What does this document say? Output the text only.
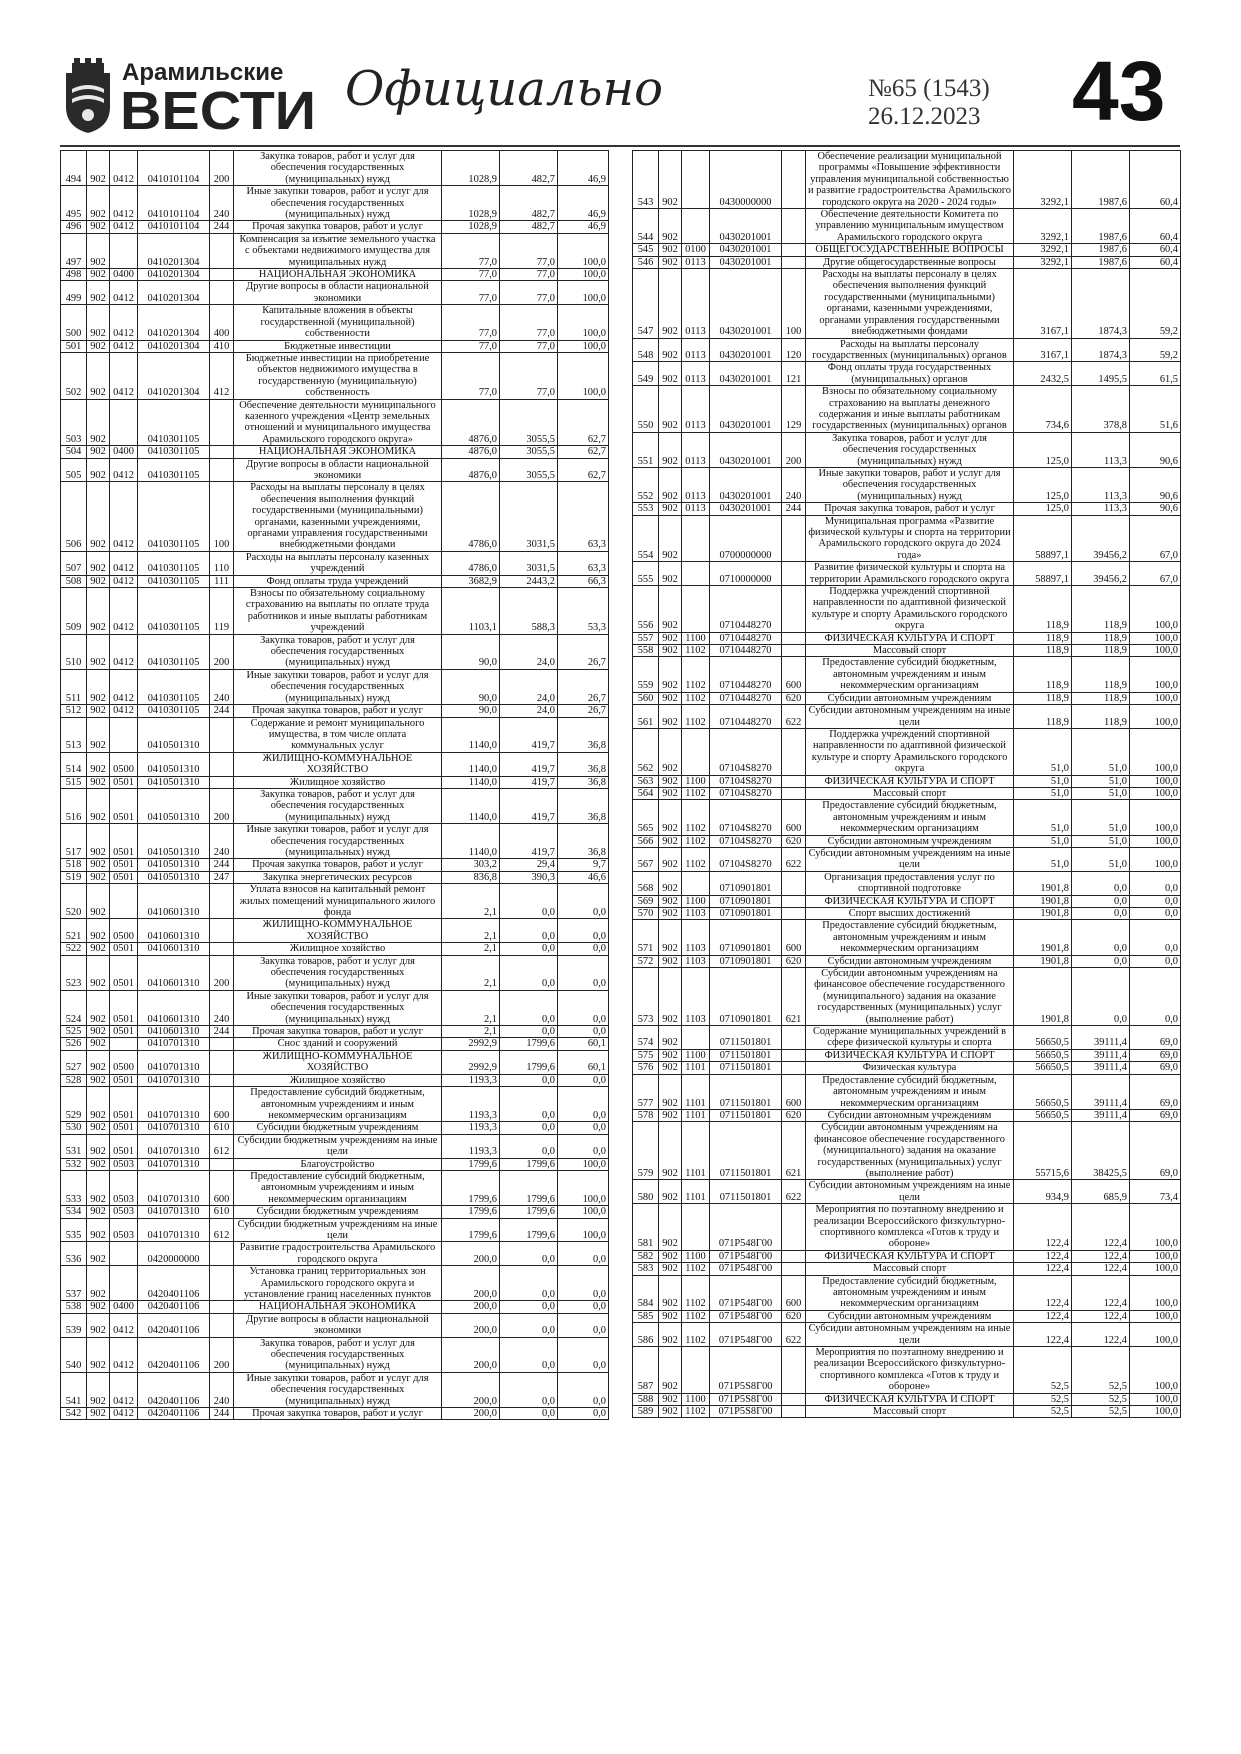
Арамильские
ВЕСТИ Официально	№65 (1543)
26.12.2023 43
494	902	0412	0410101104	200	Закупка товаров, работ и услуг для обеспечения государственных (муниципальных) нужд	1028,9	482,7	46,9
495	902	0412	0410101104	240	Иные закупки товаров, работ и услуг для обеспечения государственных (муниципальных) нужд	1028,9	482,7	46,9
496	902	0412	0410101104	244	Прочая закупка товаров, работ и услуг	1028,9	482,7	46,9
497	902		0410201304		Компенсация за изъятие земельного участка с объектами недвижимого имущества для муниципальных нужд	77,0	77,0	100,0
498	902	0400	0410201304		НАЦИОНАЛЬНАЯ ЭКОНОМИКА	77,0	77,0	100,0
499	902	0412	0410201304		Другие вопросы в области национальной экономики	77,0	77,0	100,0
500	902	0412	0410201304	400	Капитальные вложения в объекты государственной (муниципальной) собственности	77,0	77,0	100,0
501	902	0412	0410201304	410	Бюджетные инвестиции	77,0	77,0	100,0
502	902	0412	0410201304	412	Бюджетные инвестиции на приобретение объектов недвижимого имущества в государственную (муниципальную) собственность	77,0	77,0	100,0
503	902		0410301105		Обеспечение деятельности муниципального казенного учреждения «Центр земельных отношений и муниципального имущества Арамильского городского округа»	4876,0	3055,5	62,7
504	902	0400	0410301105		НАЦИОНАЛЬНАЯ ЭКОНОМИКА	4876,0	3055,5	62,7
505	902	0412	0410301105		Другие вопросы в области национальной экономики	4876,0	3055,5	62,7
506	902	0412	0410301105	100	Расходы на выплаты персоналу в целях обеспечения выполнения функций государственными (муниципальными) органами, казенными учреждениями, органами управления государственными внебюджетными фондами	4786,0	3031,5	63,3
507	902	0412	0410301105	110	Расходы на выплаты персоналу казенных учреждений	4786,0	3031,5	63,3
508	902	0412	0410301105	111	Фонд оплаты труда учреждений	3682,9	2443,2	66,3
509	902	0412	0410301105	119	Взносы по обязательному социальному страхованию на выплаты по оплате труда работников и иные выплаты работникам учреждений	1103,1	588,3	53,3
510	902	0412	0410301105	200	Закупка товаров, работ и услуг для обеспечения государственных (муниципальных) нужд	90,0	24,0	26,7
511	902	0412	0410301105	240	Иные закупки товаров, работ и услуг для обеспечения государственных (муниципальных) нужд	90,0	24,0	26,7
512	902	0412	0410301105	244	Прочая закупка товаров, работ и услуг	90,0	24,0	26,7
513	902		0410501310		Содержание и ремонт муниципального имущества, в том числе оплата коммунальных услуг	1140,0	419,7	36,8
514	902	0500	0410501310		ЖИЛИЩНО-КОММУНАЛЬНОЕ ХОЗЯЙСТВО	1140,0	419,7	36,8
515	902	0501	0410501310		Жилищное хозяйство	1140,0	419,7	36,8
516	902	0501	0410501310	200	Закупка товаров, работ и услуг для обеспечения государственных (муниципальных) нужд	1140,0	419,7	36,8
517	902	0501	0410501310	240	Иные закупки товаров, работ и услуг для обеспечения государственных (муниципальных) нужд	1140,0	419,7	36,8
518	902	0501	0410501310	244	Прочая закупка товаров, работ и услуг	303,2	29,4	9,7
519	902	0501	0410501310	247	Закупка энергетических ресурсов	836,8	390,3	46,6
520	902		0410601310		Уплата взносов на капитальный ремонт жилых помещений муниципального жилого фонда	2,1	0,0	0,0
521	902	0500	0410601310		ЖИЛИЩНО-КОММУНАЛЬНОЕ ХОЗЯЙСТВО	2,1	0,0	0,0
522	902	0501	0410601310		Жилищное хозяйство	2,1	0,0	0,0
523	902	0501	0410601310	200	Закупка товаров, работ и услуг для обеспечения государственных (муниципальных) нужд	2,1	0,0	0,0
524	902	0501	0410601310	240	Иные закупки товаров, работ и услуг для обеспечения государственных (муниципальных) нужд	2,1	0,0	0,0
525	902	0501	0410601310	244	Прочая закупка товаров, работ и услуг	2,1	0,0	0,0
526	902		0410701310		Снос зданий и сооружений	2992,9	1799,6	60,1
527	902	0500	0410701310		ЖИЛИЩНО-КОММУНАЛЬНОЕ ХОЗЯЙСТВО	2992,9	1799,6	60,1
528	902	0501	0410701310		Жилищное хозяйство	1193,3	0,0	0,0
529	902	0501	0410701310	600	Предоставление субсидий бюджетным, автономным учреждениям и иным некоммерческим организациям	1193,3	0,0	0,0
530	902	0501	0410701310	610	Субсидии бюджетным учреждениям	1193,3	0,0	0,0
531	902	0501	0410701310	612	Субсидии бюджетным учреждениям на иные цели	1193,3	0,0	0,0
532	902	0503	0410701310		Благоустройство	1799,6	1799,6	100,0
533	902	0503	0410701310	600	Предоставление субсидий бюджетным, автономным учреждениям и иным некоммерческим организациям	1799,6	1799,6	100,0
534	902	0503	0410701310	610	Субсидии бюджетным учреждениям	1799,6	1799,6	100,0
535	902	0503	0410701310	612	Субсидии бюджетным учреждениям на иные цели	1799,6	1799,6	100,0
536	902		0420000000		Развитие градостроительства Арамильского городского округа	200,0	0,0	0,0
537	902		0420401106		Установка границ территориальных зон Арамильского городского округа и установление границ населенных пунктов	200,0	0,0	0,0
538	902	0400	0420401106		НАЦИОНАЛЬНАЯ ЭКОНОМИКА	200,0	0,0	0,0
539	902	0412	0420401106		Другие вопросы в области национальной экономики	200,0	0,0	0,0
540	902	0412	0420401106	200	Закупка товаров, работ и услуг для обеспечения государственных (муниципальных) нужд	200,0	0,0	0,0
541	902	0412	0420401106	240	Иные закупки товаров, работ и услуг для обеспечения государственных (муниципальных) нужд	200,0	0,0	0,0
542	902	0412	0420401106	244	Прочая закупка товаров, работ и услуг	200,0	0,0	0,0
543	902		0430000000		Обеспечение реализации муниципальной программы «Повышение эффективности управления муниципальной собственностью и развитие градостроительства Арамильского городского округа на 2020 - 2024 годы»	3292,1	1987,6	60,4
544	902		0430201001		Обеспечение деятельности Комитета по управлению муниципальным имуществом Арамильского городского округа	3292,1	1987,6	60,4
545	902	0100	0430201001		ОБЩЕГОСУДАРСТВЕННЫЕ ВОПРОСЫ	3292,1	1987,6	60,4
546	902	0113	0430201001		Другие общегосударственные вопросы	3292,1	1987,6	60,4
547	902	0113	0430201001	100	Расходы на выплаты персоналу в целях обеспечения выполнения функций государственными (муниципальными) органами, казенными учреждениями, органами управления государственными внебюджетными фондами	3167,1	1874,3	59,2
548	902	0113	0430201001	120	Расходы на выплаты персоналу государственных (муниципальных) органов	3167,1	1874,3	59,2
549	902	0113	0430201001	121	Фонд оплаты труда государственных (муниципальных) органов	2432,5	1495,5	61,5
550	902	0113	0430201001	129	Взносы по обязательному социальному страхованию на выплаты денежного содержания и иные выплаты работникам государственных (муниципальных) органов	734,6	378,8	51,6
551	902	0113	0430201001	200	Закупка товаров, работ и услуг для обеспечения государственных (муниципальных) нужд	125,0	113,3	90,6
552	902	0113	0430201001	240	Иные закупки товаров, работ и услуг для обеспечения государственных (муниципальных) нужд	125,0	113,3	90,6
553	902	0113	0430201001	244	Прочая закупка товаров, работ и услуг	125,0	113,3	90,6
554	902		0700000000		Муниципальная программа «Развитие физической культуры и спорта на территории Арамильского городского округа до 2024 года»	58897,1	39456,2	67,0
555	902		0710000000		Развитие физической культуры и спорта на территории Арамильского городского округа	58897,1	39456,2	67,0
556	902		0710448270		Поддержка учреждений спортивной направленности по адаптивной физической культуре и спорту Арамильского городского округа	118,9	118,9	100,0
557	902	1100	0710448270		ФИЗИЧЕСКАЯ КУЛЬТУРА И СПОРТ	118,9	118,9	100,0
558	902	1102	0710448270		Массовый спорт	118,9	118,9	100,0
559	902	1102	0710448270	600	Предоставление субсидий бюджетным, автономным учреждениям и иным некоммерческим организациям	118,9	118,9	100,0
560	902	1102	0710448270	620	Субсидии автономным учреждениям	118,9	118,9	100,0
561	902	1102	0710448270	622	Субсидии автономным учреждениям на иные цели	118,9	118,9	100,0
562	902		07104S8270		Поддержка учреждений спортивной направленности по адаптивной физической культуре и спорту Арамильского городского округа	51,0	51,0	100,0
563	902	1100	07104S8270		ФИЗИЧЕСКАЯ КУЛЬТУРА И СПОРТ	51,0	51,0	100,0
564	902	1102	07104S8270		Массовый спорт	51,0	51,0	100,0
565	902	1102	07104S8270	600	Предоставление субсидий бюджетным, автономным учреждениям и иным некоммерческим организациям	51,0	51,0	100,0
566	902	1102	07104S8270	620	Субсидии автономным учреждениям	51,0	51,0	100,0
567	902	1102	07104S8270	622	Субсидии автономным учреждениям на иные цели	51,0	51,0	100,0
568	902		0710901801		Организация предоставления услуг по спортивной подготовке	1901,8	0,0	0,0
569	902	1100	0710901801		ФИЗИЧЕСКАЯ КУЛЬТУРА И СПОРТ	1901,8	0,0	0,0
570	902	1103	0710901801		Спорт высших достижений	1901,8	0,0	0,0
571	902	1103	0710901801	600	Предоставление субсидий бюджетным, автономным учреждениям и иным некоммерческим организациям	1901,8	0,0	0,0
572	902	1103	0710901801	620	Субсидии автономным учреждениям	1901,8	0,0	0,0
573	902	1103	0710901801	621	Субсидии автономным учреждениям на финансовое обеспечение государственного (муниципального) задания на оказание государственных (муниципальных) услуг (выполнение работ)	1901,8	0,0	0,0
574	902		0711501801		Содержание муниципальных учреждений в сфере физической культуры и спорта	56650,5	39111,4	69,0
575	902	1100	0711501801		ФИЗИЧЕСКАЯ КУЛЬТУРА И СПОРТ	56650,5	39111,4	69,0
576	902	1101	0711501801		Физическая культура	56650,5	39111,4	69,0
577	902	1101	0711501801	600	Предоставление субсидий бюджетным, автономным учреждениям и иным некоммерческим организациям	56650,5	39111,4	69,0
578	902	1101	0711501801	620	Субсидии автономным учреждениям	56650,5	39111,4	69,0
579	902	1101	0711501801	621	Субсидии автономным учреждениям на финансовое обеспечение государственного (муниципального) задания на оказание государственных (муниципальных) услуг (выполнение работ)	55715,6	38425,5	69,0
580	902	1101	0711501801	622	Субсидии автономным учреждениям на иные цели	934,9	685,9	73,4
581	902		071P548Г00		Мероприятия по поэтапному внедрению и реализации Всероссийского физкультурно-спортивного комплекса «Готов к труду и обороне»	122,4	122,4	100,0
582	902	1100	071P548Г00		ФИЗИЧЕСКАЯ КУЛЬТУРА И СПОРТ	122,4	122,4	100,0
583	902	1102	071P548Г00		Массовый спорт	122,4	122,4	100,0
584	902	1102	071P548Г00	600	Предоставление субсидий бюджетным, автономным учреждениям и иным некоммерческим организациям	122,4	122,4	100,0
585	902	1102	071P548Г00	620	Субсидии автономным учреждениям	122,4	122,4	100,0
586	902	1102	071P548Г00	622	Субсидии автономным учреждениям на иные цели	122,4	122,4	100,0
587	902		071P5S8Г00		Мероприятия по поэтапному внедрению и реализации Всероссийского физкультурно-спортивного комплекса «Готов к труду и обороне»	52,5	52,5	100,0
588	902	1100	071P5S8Г00		ФИЗИЧЕСКАЯ КУЛЬТУРА И СПОРТ	52,5	52,5	100,0
589	902	1102	071P5S8Г00		Массовый спорт	52,5	52,5	100,0
